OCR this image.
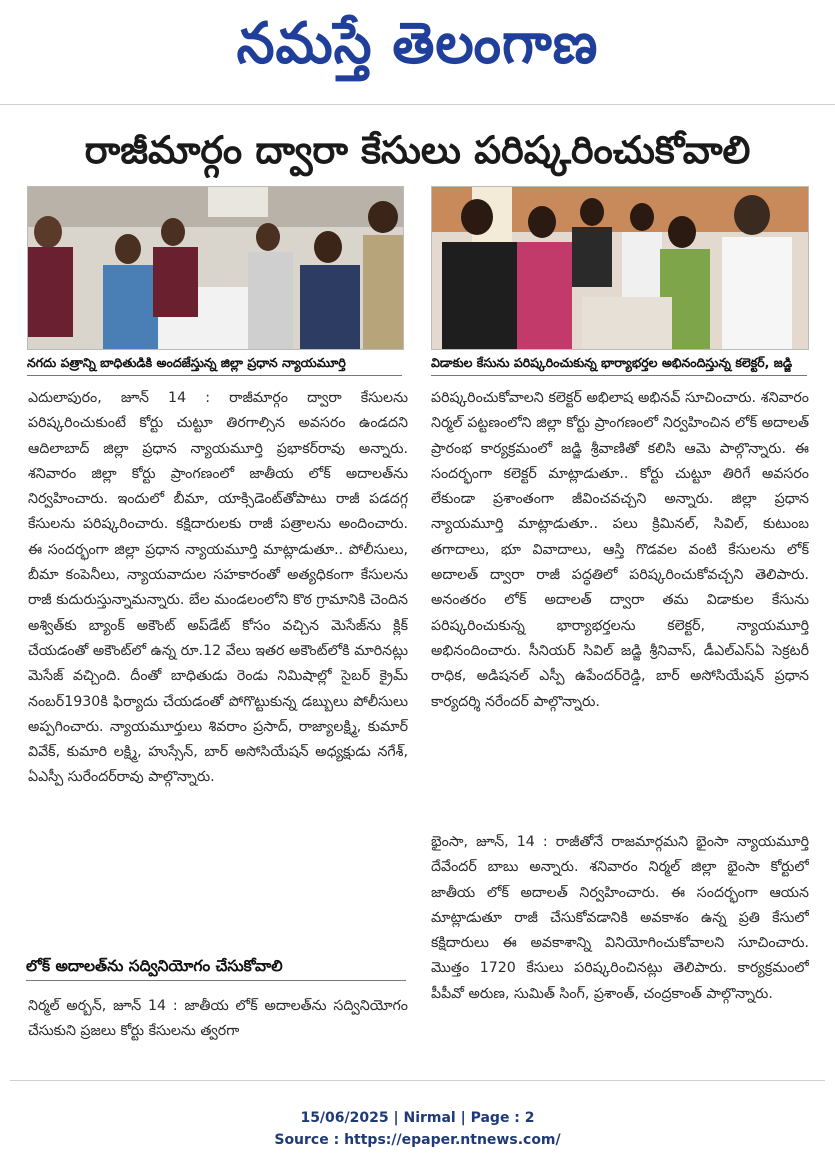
నమస్తే తెలంగాణ
రాజీమార్గం ద్వారా కేసులు పరిష్కరించుకోవాలి
నగదు పత్రాన్ని బాధితుడికి అందజేస్తున్న జిల్లా ప్రధాన న్యాయమూర్తి	విడాకుల కేసును పరిష్కరించుకున్న భార్యాభర్తల అభినందిస్తున్న కలెక్టర్‌, జడ్జి

ఎదులాపురం, జూన్‌ 14 : రాజీమార్గం ద్వారా కేసులను పరిష్కరించుకుంటే కోర్టు చుట్టూ తిరగాల్సిన అవసరం ఉండదని ఆదిలాబాద్‌ జిల్లా ప్రధాన న్యాయమూర్తి ప్రభాకర్‌రావు అన్నారు. శనివారం జిల్లా కోర్టు ప్రాంగణంలో జాతీయ లోక్‌ అదాలత్‌ను నిర్వహించారు. ఇందులో బీమా, యాక్సిడెంట్‌తోపాటు రాజీ పడదగ్గ కేసులను పరిష్కరించారు. కక్షిదారులకు రాజీ పత్రాలను అందించారు. ఈ సందర్భంగా జిల్లా ప్రధాన న్యాయమూర్తి మాట్లాడుతూ.. పోలీసులు, బీమా కంపెనీలు, న్యాయవాదుల సహకారంతో అత్యధికంగా కేసులను రాజీ కుదురుస్తున్నామన్నారు. బేల మండలంలోని కొఠ గ్రామానికి చెందిన అశ్విత్‌కు బ్యాంక్‌ అకౌంట్‌ అప్‌డేట్‌ కోసం వచ్చిన మెసేజ్‌ను క్లిక్‌ చేయడంతో అకౌంట్‌లో ఉన్న రూ.12 వేలు ఇతర అకౌంట్‌లోకి మారినట్లు మెసేజ్‌ వచ్చింది. దీంతో బాధితుడు రెండు నిమిషాల్లో సైబర్‌ క్రైమ్‌ నంబర్‌1930కి ఫిర్యాదు చేయడంతో పోగొట్టుకున్న డబ్బులు పోలీసులు అప్పగించారు. న్యాయమూర్తులు శివరాం ప్రసాద్‌, రాజ్యాలక్ష్మి, కుమార్‌ వివేక్‌, కుమారి లక్ష్మి, హుస్సేన్‌, బార్‌ అసోసియేషన్‌ అధ్యక్షుడు నగేశ్‌, ఏఎస్పీ సురేందర్‌రావు పాల్గొన్నారు.

లోక్‌ అదాలత్‌ను సద్వినియోగం చేసుకోవాలి

నిర్మల్‌ అర్బన్‌, జూన్‌ 14 : జాతీయ లోక్‌ అదాలత్‌ను సద్వినియోగం చేసుకుని ప్రజలు కోర్టు కేసులను త్వరగా

పరిష్కరించుకోవాలని కలెక్టర్‌ అభిలాష అభినవ్‌ సూచించారు. శనివారం నిర్మల్‌ పట్టణంలోని జిల్లా కోర్టు ప్రాంగణంలో నిర్వహించిన లోక్‌ అదాలత్‌ ప్రారంభ కార్యక్రమంలో జడ్జి శ్రీవాణితో కలిసి ఆమె పాల్గొన్నారు. ఈ సందర్భంగా కలెక్టర్‌ మాట్లాడుతూ.. కోర్టు చుట్టూ తిరిగే అవసరం లేకుండా ప్రశాంతంగా జీవించవచ్చని అన్నారు. జిల్లా ప్రధాన న్యాయమూర్తి మాట్లాడుతూ.. పలు క్రిమినల్‌, సివిల్‌, కుటుంబ తగాదాలు, భూ వివాదాలు, ఆస్తి గొడవల వంటి కేసులను లోక్‌ అదాలత్‌ ద్వారా రాజీ పద్ధతిలో పరిష్కరించుకోవచ్చని తెలిపారు. అనంతరం లోక్‌ అదాలత్‌ ద్వారా తమ విడాకుల కేసును పరిష్కరించుకున్న భార్యాభర్తలను కలెక్టర్‌, న్యాయమూర్తి అభినందించారు. సీనియర్‌ సివిల్‌ జడ్జి శ్రీనివాస్‌, డీఎల్‌ఎస్‌ఏ సెక్రటరీ రాధిక, అడిషనల్‌ ఎస్పీ ఉపేందర్‌రెడ్డి, బార్‌ అసోసియేషన్‌ ప్రధాన కార్యదర్శి నరేందర్‌ పాల్గొన్నారు.

భైంసా, జూన్‌, 14 : రాజీతోనే రాజమార్గమని భైంసా న్యాయమూర్తి దేవేందర్‌ బాబు అన్నారు. శనివారం నిర్మల్‌ జిల్లా భైంసా కోర్టులో జాతీయ లోక్‌ అదాలత్‌ నిర్వహించారు. ఈ సందర్భంగా ఆయన మాట్లాడుతూ రాజీ చేసుకోవడానికి అవకాశం ఉన్న ప్రతి కేసులో కక్షిదారులు ఈ అవకాశాన్ని వినియోగించుకోవాలని సూచించారు. మొత్తం 1720 కేసులు పరిష్కరించినట్లు తెలిపారు. కార్యక్రమంలో పీపీవో అరుణ, సుమిత్‌ సింగ్‌, ప్రశాంత్‌, చంద్రకాంత్‌ పాల్గొన్నారు.

15/06/2025 | Nirmal | Page : 2
Source : https://epaper.ntnews.com/
